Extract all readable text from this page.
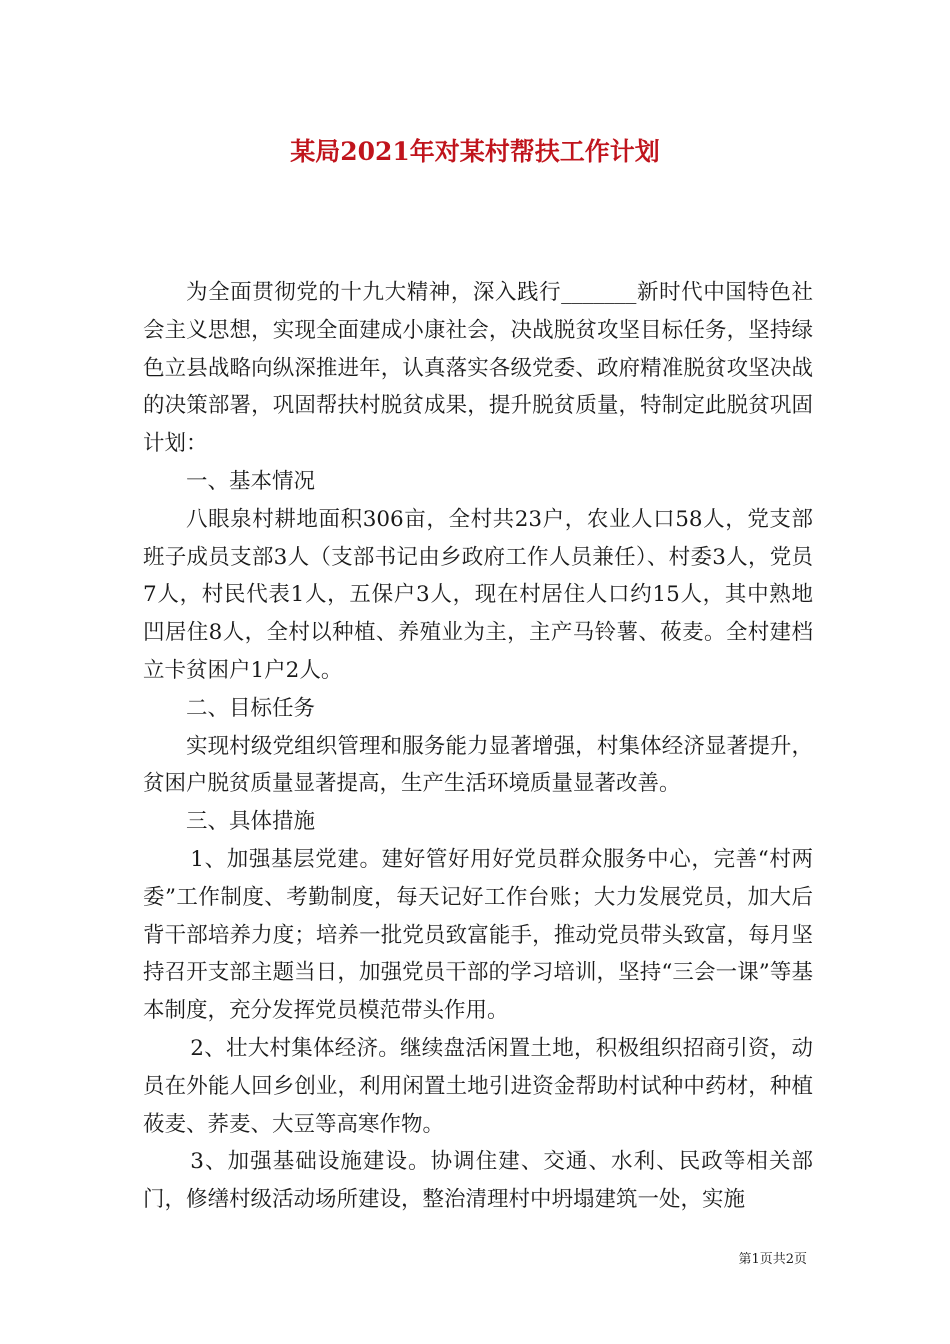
某局2021年对某村帮扶工作计划

为全面贯彻党的十九大精神，深入践行_______新时代中国特色社会主义思想，实现全面建成小康社会，决战脱贫攻坚目标任务，坚持绿色立县战略向纵深推进年，认真落实各级党委、政府精准脱贫攻坚决战的决策部署，巩固帮扶村脱贫成果，提升脱贫质量，特制定此脱贫巩固计划：

一、基本情况

八眼泉村耕地面积306亩，全村共23户，农业人口58人，党支部班子成员支部3人（支部书记由乡政府工作人员兼任）、村委3人，党员7人，村民代表1人，五保户3人，现在村居住人口约15人，其中熟地凹居住8人，全村以种植、养殖业为主，主产马铃薯、莜麦。全村建档立卡贫困户1户2人。

二、目标任务

实现村级党组织管理和服务能力显著增强，村集体经济显著提升，贫困户脱贫质量显著提高，生产生活环境质量显著改善。

三、具体措施

1、加强基层党建。建好管好用好党员群众服务中心，完善“村两委”工作制度、考勤制度，每天记好工作台账；大力发展党员，加大后背干部培养力度；培养一批党员致富能手，推动党员带头致富，每月坚持召开支部主题当日，加强党员干部的学习培训，坚持“三会一课”等基本制度，充分发挥党员模范带头作用。

2、壮大村集体经济。继续盘活闲置土地，积极组织招商引资，动员在外能人回乡创业，利用闲置土地引进资金帮助村试种中药材，种植莜麦、荞麦、大豆等高寒作物。

3、加强基础设施建设。协调住建、交通、水利、民政等相关部门，修缮村级活动场所建设，整治清理村中坍塌建筑一处，实施

第1页共2页
